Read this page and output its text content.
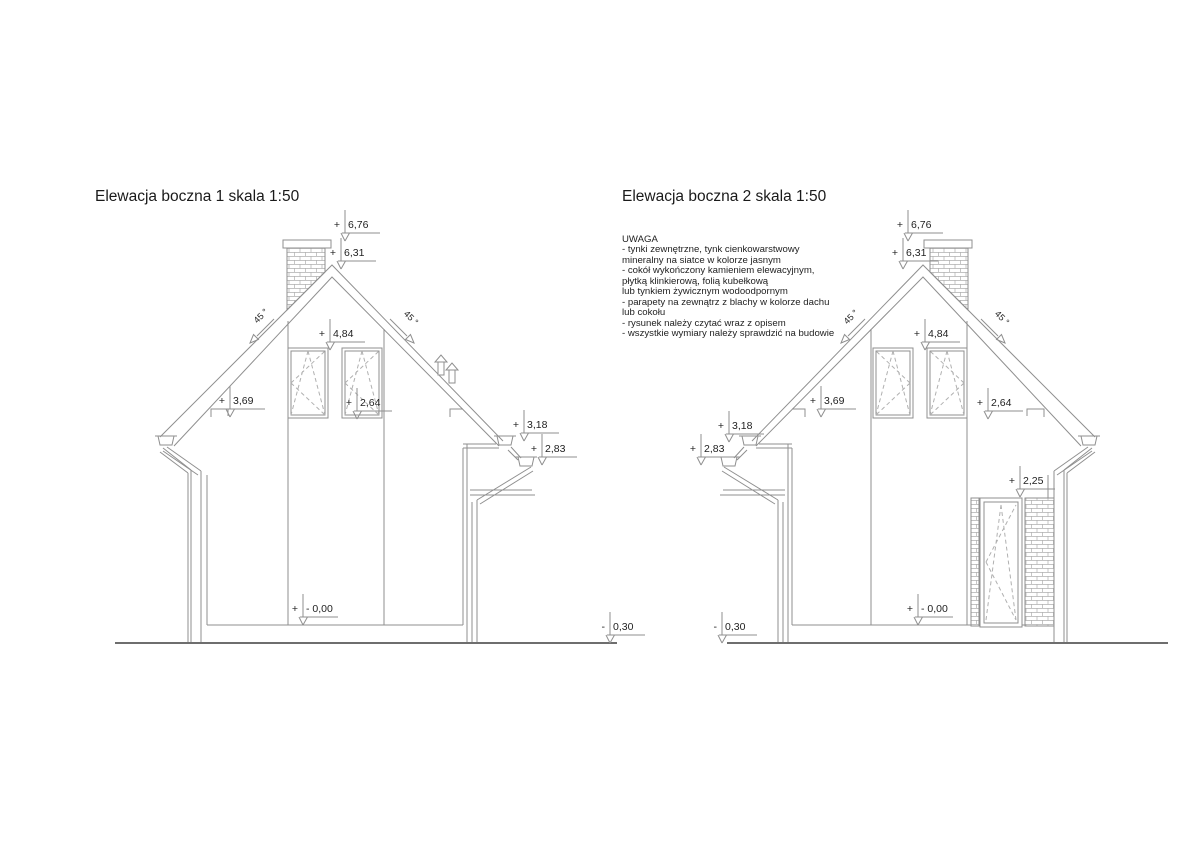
Elewacja boczna 1 skala 1:50	Elewacja boczna 2 skala 1:50
UWAGA
- tynki zewnętrzne, tynk cienkowarstwowy
mineralny na siatce w kolorze jasnym
- cokół wykończony kamieniem elewacyjnym,
płytką klinkierową, folią kubełkową
lub tynkiem żywicznym wodoodpornym
- parapety na zewnątrz z blachy w kolorze dachu
lub cokołu
- rysunek należy czytać wraz z opisem
- wszystkie wymiary należy sprawdzić na budowie
45 °	45 °
+ 6,76
+ 6,31
+ 4,84
+ 3,69	+ 2,64
+ 3,18
+ 2,83
+ - 0,00
- 0,30
45 °	45 °
+ 6,76
+ 6,31
+ 4,84
+ 3,69	+ 2,64
+ 3,18
+ 2,83
+ 2,25
+ - 0,00
- 0,30
